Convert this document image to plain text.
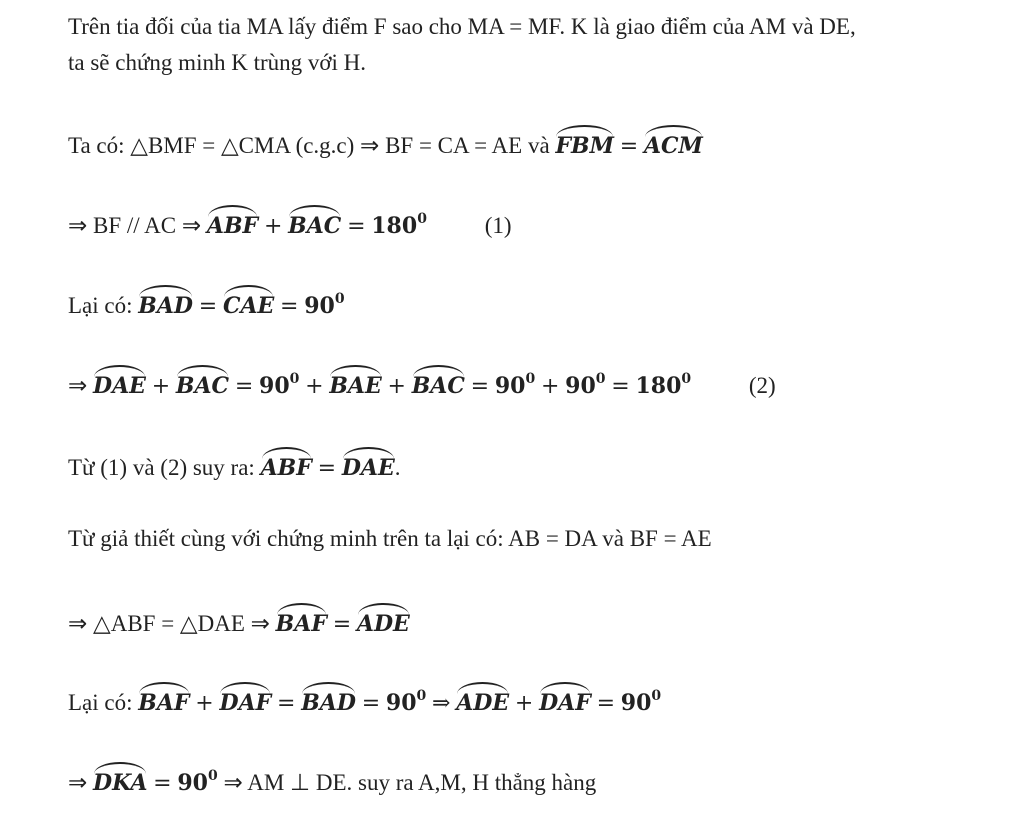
Trên tia đối của tia MA lấy điểm F sao cho MA = MF. K là giao điểm của AM và DE,
ta sẽ chứng minh K trùng với H.
Ta có: △BMF = △CMA (c.g.c) ⇒ BF = CA = AE và FBM = ACM
⇒ BF // AC ⇒ ABF + BAC = $180^0$	(1)
Lại có: BAD = CAE = $90^0$
⇒ DAE + BAC = $90^0$ + BAE + BAC = $90^0 + 90^0 = 180^0$	(2)
Từ (1) và (2) suy ra: ABF = DAE.
Từ giả thiết cùng với chứng minh trên ta lại có: AB = DA và BF = AE
⇒ △ABF = △DAE ⇒ BAF = ADE
Lại có: BAF + DAF = BAD = $90^0$ ⇒ ADE + DAF = $90^0$
⇒ DKA = $90^0$ ⇒ AM ⊥ DE. suy ra A,M, H thẳng hàng
